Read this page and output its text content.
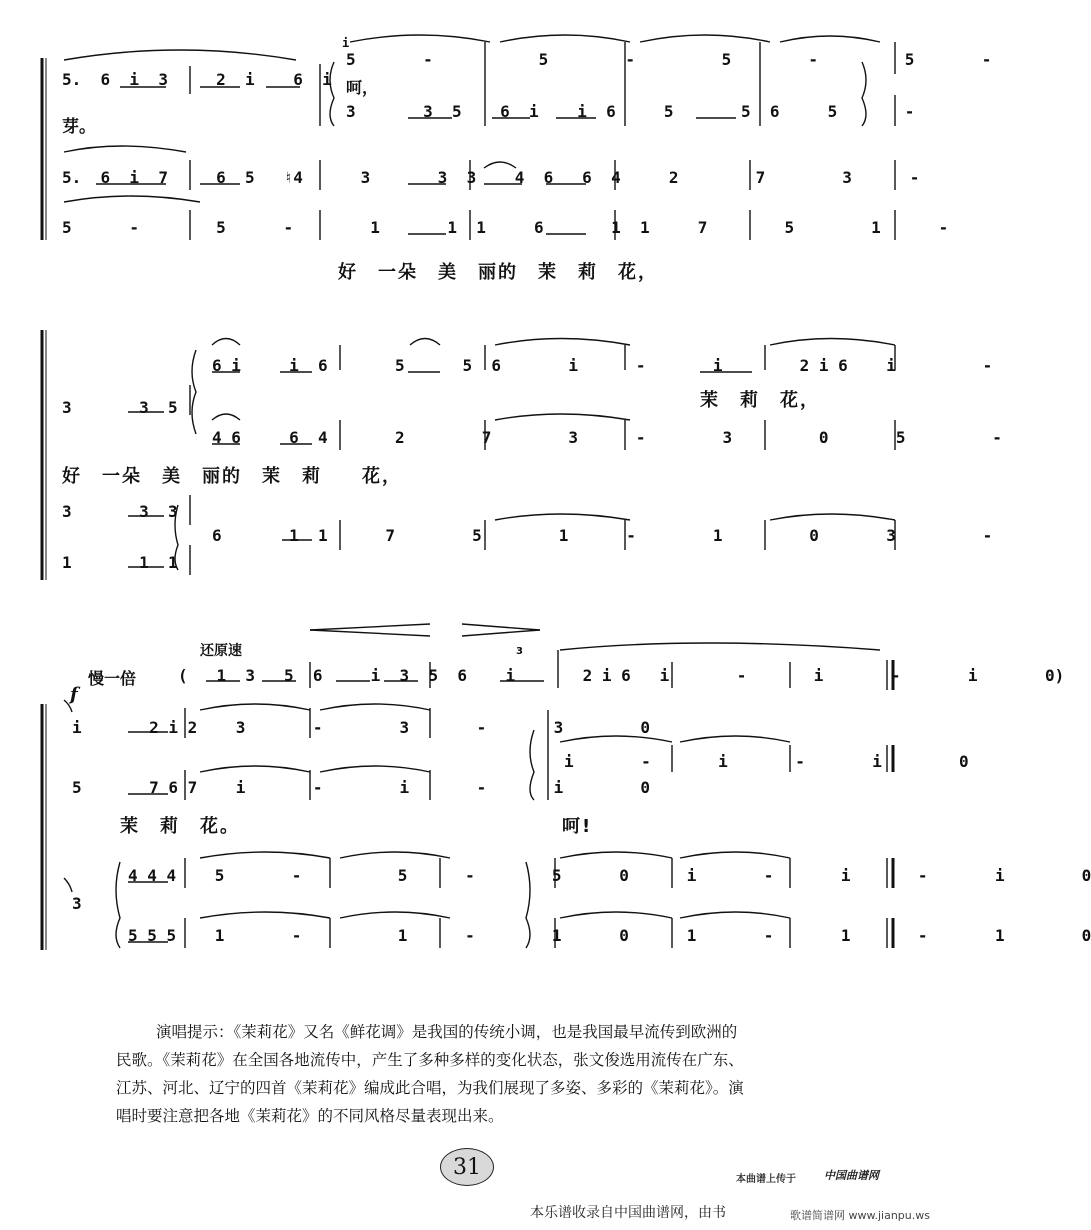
5.  6  i  3     2  i    6  i
芽。
5       -           5        -         5        -         5       -
呵，
3       3  5    6  i    i  6     5       5  6     5       -
i
5.  6  i  7     6  5   ♮4      3       3  3    4  6   6  4     2        7        3      -
5      -        5      -        1       1  1     6       1  1     7        5        1      -
好　一朵　美　丽的　茉　莉　花，
6 i     i  6       5      5  6       i      -       i        2 i 6    i         -
茉　莉　花，
3       3  5
4 6     6  4       2        7        3      -        3         0       5         -
好　一朵　美　丽的　茉　莉　　花，
3       3  3
6       1  1      7        5        1      -        1         0       3         -
1       1  1
还原速
慢一倍
f
(   1  3   5  6     i  3  5  6    i       2 i 6   i       -       i       -       i       0)
3
i       2 i 2    3       -        3       -       3        0
i       -       i       -       i        0
5       7 6 7    i       -        i       -       i        0
茉　莉　花。	呵!
3
4 4 4    5       -          5      -        5      0      i       -       i       -       i        0
5 5 5    1       -          1      -        1      0      1       -       1       -       1        0

演唱提示：《茉莉花》又名《鲜花调》是我国的传统小调，也是我国最早流传到欧洲的

民歌。《茉莉花》在全国各地流传中，产生了多种多样的变化状态，张文俊选用流传在广东、

江苏、河北、辽宁的四首《茉莉花》编成此合唱，为我们展现了多姿、多彩的《茉莉花》。演

唱时要注意把各地《茉莉花》的不同风格尽量表现出来。

31	本曲谱上传于	中国曲谱网
本乐谱收录自中国曲谱网，由书	歌谱简谱网 www.jianpu.ws
